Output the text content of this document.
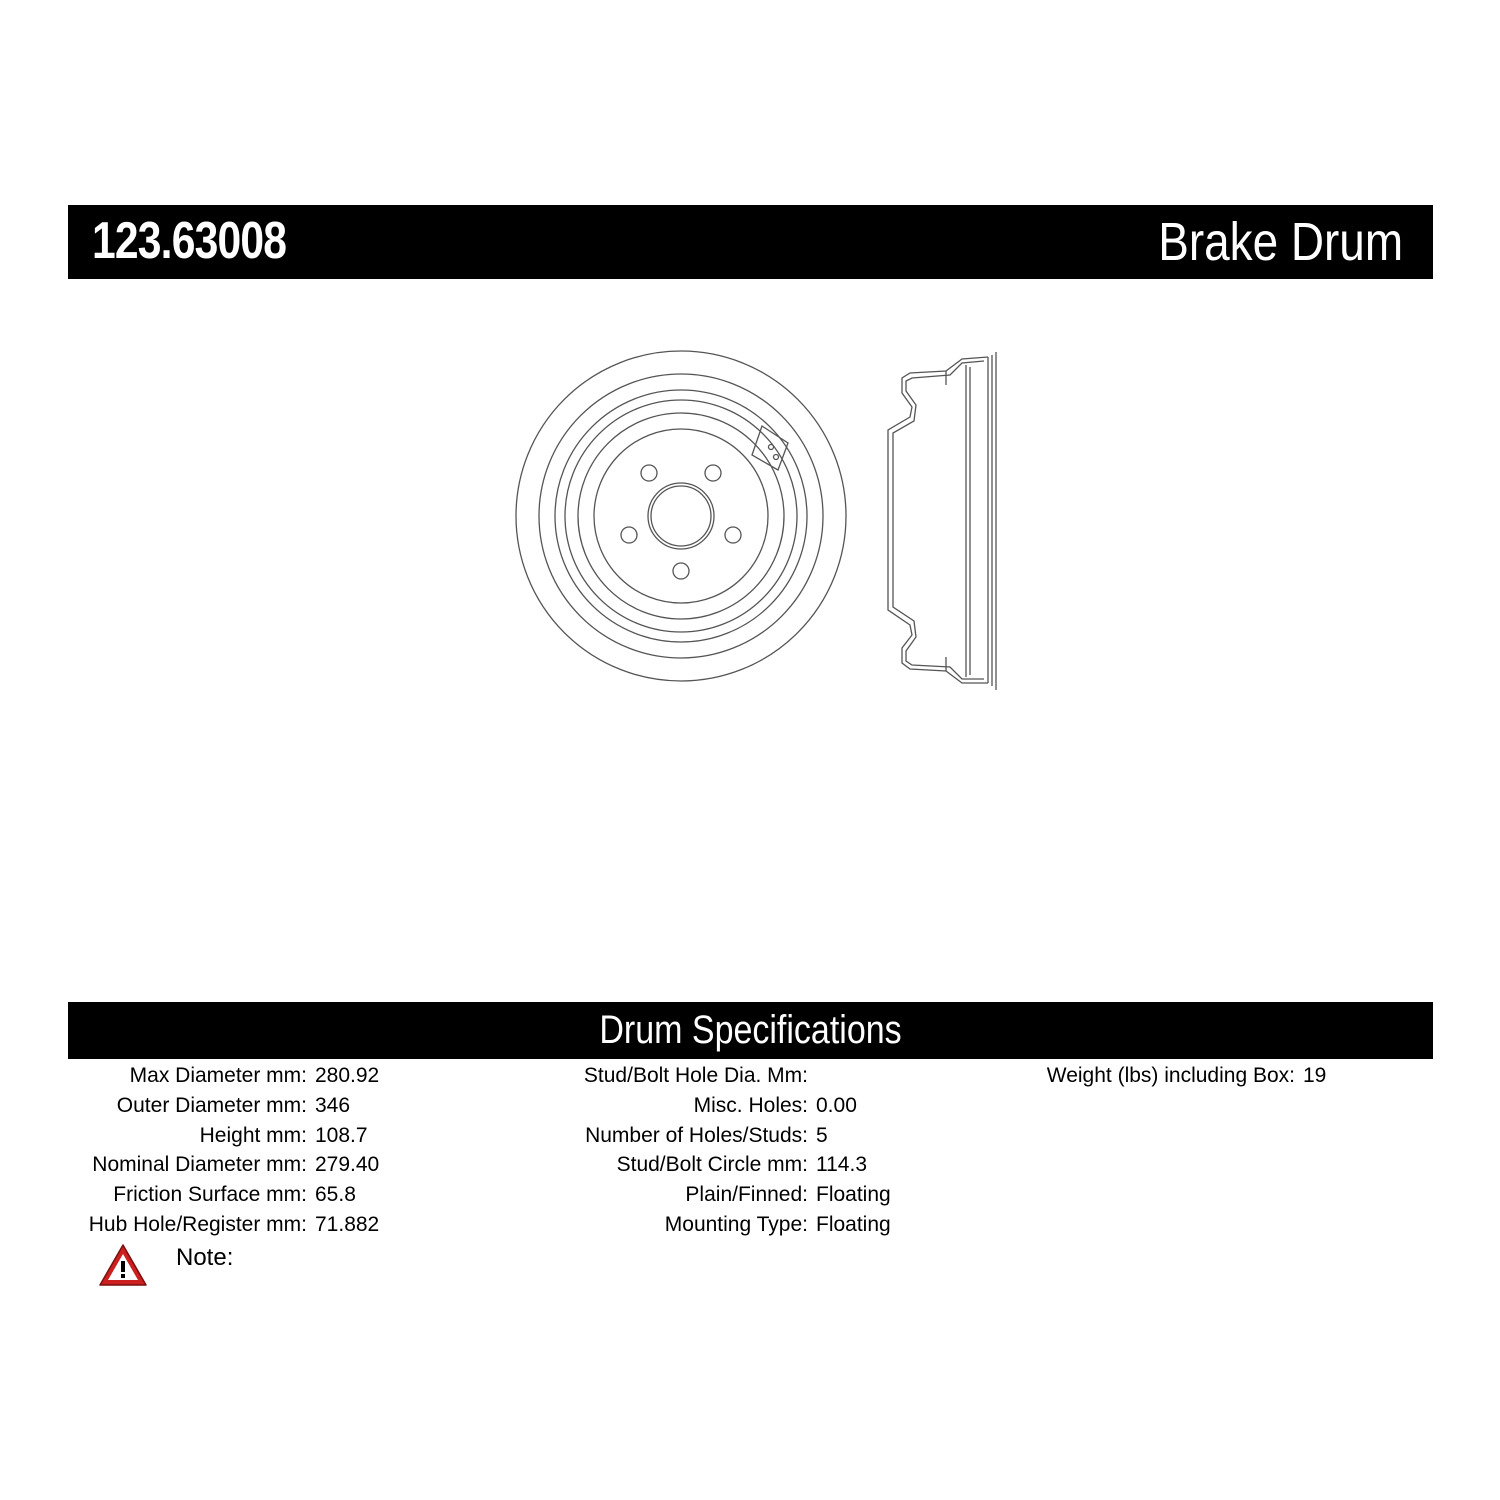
123.63008	Brake Drum
Drum Specifications
Max Diameter mm: 280.92
Outer Diameter mm: 346
Height mm: 108.7
Nominal Diameter mm: 279.40
Friction Surface mm: 65.8
Hub Hole/Register mm: 71.882
Stud/Bolt Hole Dia. Mm:
Misc. Holes: 0.00
Number of Holes/Studs: 5
Stud/Bolt Circle mm: 114.3
Plain/Finned: Floating
Mounting Type: Floating
Weight (lbs) including Box: 19
Note:
